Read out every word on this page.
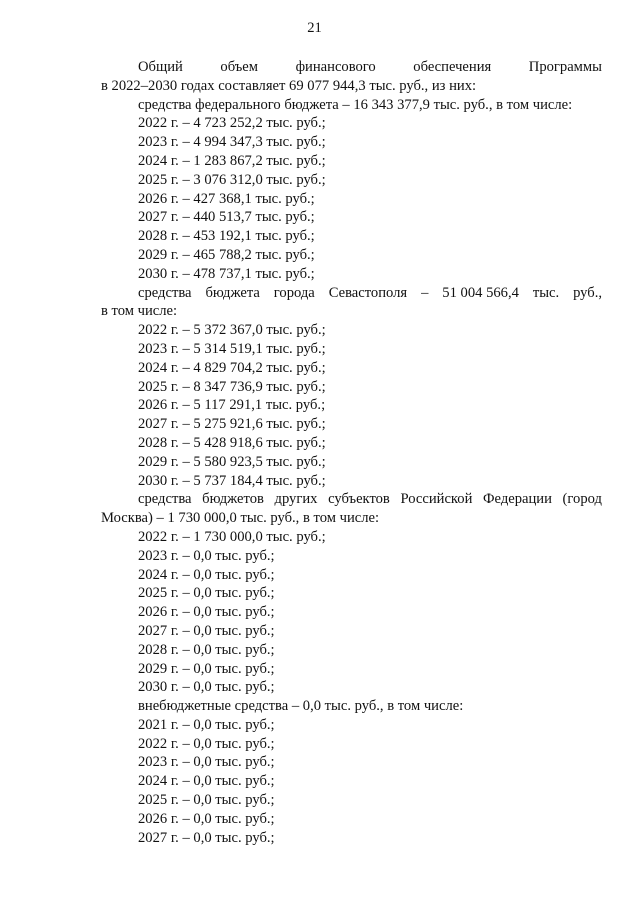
21
Общий	объем	финансового	обеспечения	Программы
в 2022–2030 годах составляет 69 077 944,3 тыс. руб., из них:
средства федерального бюджета – 16 343 377,9 тыс. руб., в том числе:
2022 г. – 4 723 252,2 тыс. руб.;
2023 г. – 4 994 347,3 тыс. руб.;
2024 г. – 1 283 867,2 тыс. руб.;
2025 г. – 3 076 312,0 тыс. руб.;
2026 г. – 427 368,1 тыс. руб.;
2027 г. – 440 513,7 тыс. руб.;
2028 г. – 453 192,1 тыс. руб.;
2029 г. – 465 788,2 тыс. руб.;
2030 г. – 478 737,1 тыс. руб.;
средства бюджета города Севастополя – 51 004 566,4 тыс. руб.,
в том числе:
2022 г. – 5 372 367,0 тыс. руб.;
2023 г. – 5 314 519,1 тыс. руб.;
2024 г. – 4 829 704,2 тыс. руб.;
2025 г. – 8 347 736,9 тыс. руб.;
2026 г. – 5 117 291,1 тыс. руб.;
2027 г. – 5 275 921,6 тыс. руб.;
2028 г. – 5 428 918,6 тыс. руб.;
2029 г. – 5 580 923,5 тыс. руб.;
2030 г. – 5 737 184,4 тыс. руб.;
средства бюджетов других субъектов Российской Федерации (город
Москва) – 1 730 000,0 тыс. руб., в том числе:
2022 г. – 1 730 000,0 тыс. руб.;
2023 г. – 0,0 тыс. руб.;
2024 г. – 0,0 тыс. руб.;
2025 г. – 0,0 тыс. руб.;
2026 г. – 0,0 тыс. руб.;
2027 г. – 0,0 тыс. руб.;
2028 г. – 0,0 тыс. руб.;
2029 г. – 0,0 тыс. руб.;
2030 г. – 0,0 тыс. руб.;
внебюджетные средства – 0,0 тыс. руб., в том числе:
2021 г. – 0,0 тыс. руб.;
2022 г. – 0,0 тыс. руб.;
2023 г. – 0,0 тыс. руб.;
2024 г. – 0,0 тыс. руб.;
2025 г. – 0,0 тыс. руб.;
2026 г. – 0,0 тыс. руб.;
2027 г. – 0,0 тыс. руб.;
